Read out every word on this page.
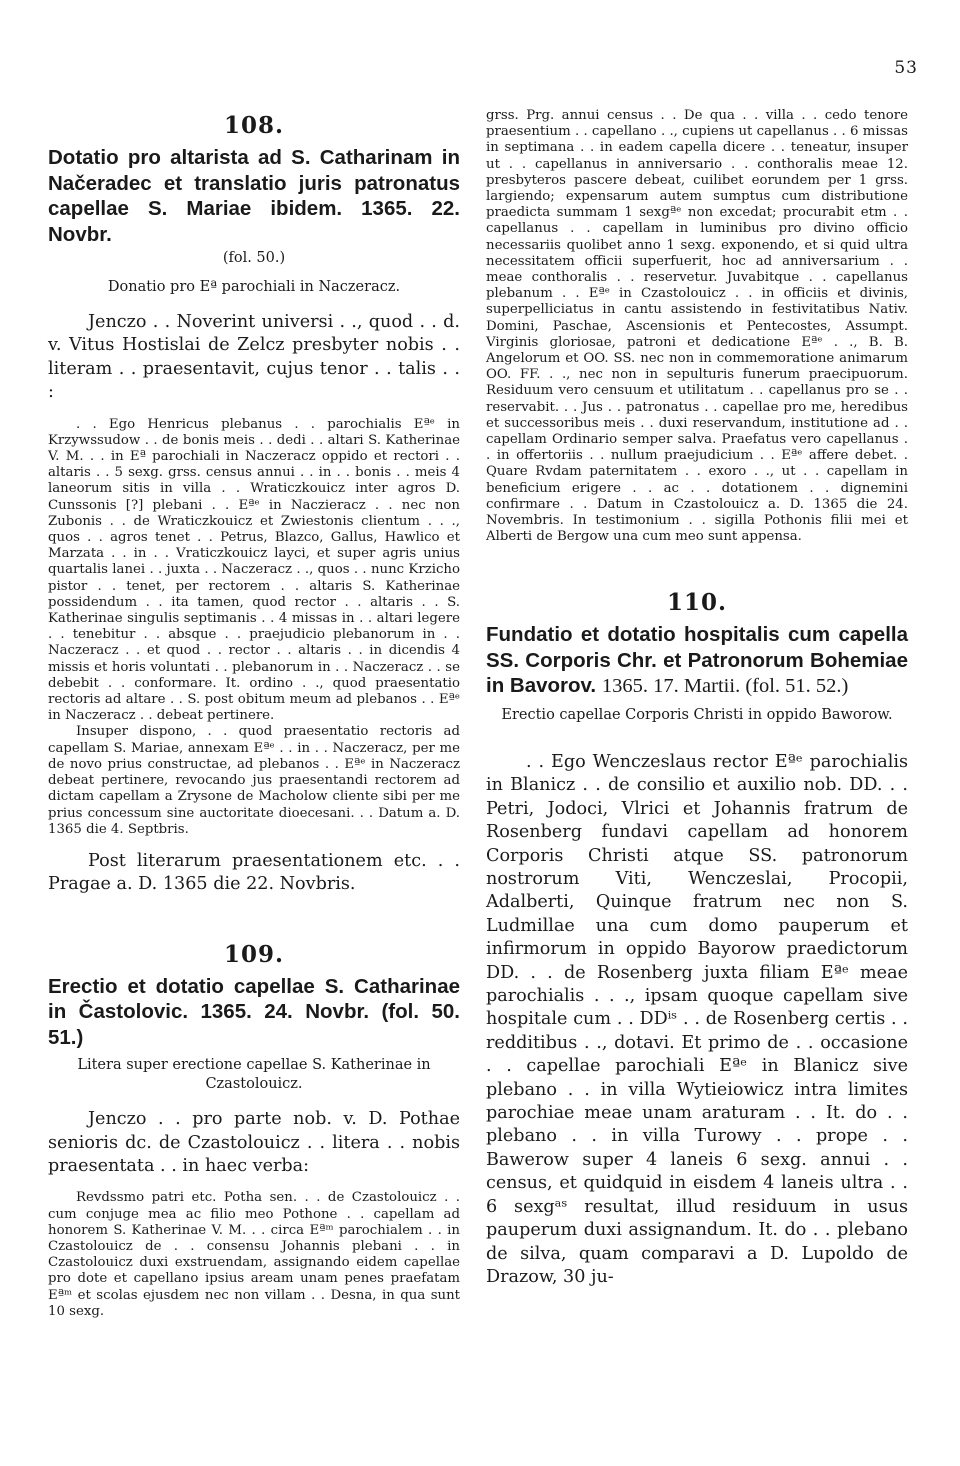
53
108.

Dotatio pro altarista ad S. Catharinam in Načeradec et translatio juris patronatus capellae S. Mariae ibidem. 1365. 22. Novbr.

(fol. 50.)
Donatio pro Eª parochiali in Naczeracz.

Jenczo . . Noverint universi . ., quod . . d. v. Vitus Hostislai de Zelcz presbyter nobis . . literam . . praesentavit, cujus tenor . . talis . . :

. . Ego Henricus plebanus . . parochialis Eªᵉ in Krzywssudow . . de bonis meis . . dedi . . altari S. Katherinae V. M. . . in Eª parochiali in Naczeracz oppido et rectori . . altaris . . 5 sexg. grss. census annui . . in . . bonis . . meis 4 laneorum sitis in villa . . Wraticzkouicz inter agros D. Cunssonis [?] plebani . . Eªᵉ in Naczieracz . . nec non Zubonis . . de Wraticzkouicz et Zwiestonis clientum . . ., quos . . agros tenet . . Petrus, Blazco, Gallus, Hawlico et Marzata . . in . . Vraticzkouicz layci, et super agris unius quartalis lanei . . juxta . . Naczeracz . ., quos . . nunc Krzicho pistor . . tenet, per rectorem . . altaris S. Katherinae possidendum . . ita tamen, quod rector . . altaris . . S. Katherinae singulis septimanis . . 4 missas in . . altari legere . . tenebitur . . absque . . praejudicio plebanorum in . . Naczeracz . . et quod . . rector . . altaris . . in dicendis 4 missis et horis voluntati . . plebanorum in . . Naczeracz . . se debebit . . conformare. It. ordino . ., quod praesentatio rectoris ad altare . . S. post obitum meum ad plebanos . . Eªᵉ in Naczeracz . . debeat pertinere.

Insuper dispono, . . quod praesentatio rectoris ad capellam S. Mariae, annexam Eªᵉ . . in . . Naczeracz, per me de novo prius constructae, ad plebanos . . Eªᵉ in Naczeracz debeat pertinere, revocando jus praesentandi rectorem ad dictam capellam a Zrysone de Macholow cliente sibi per me prius concessum sine auctoritate dioecesani. . . Datum a. D. 1365 die 4. Septbris.

Post literarum praesentationem etc. . . Pragae a. D. 1365 die 22. Novbris.

109.

Erectio et dotatio capellae S. Catharinae in Častolovic. 1365. 24. Novbr. (fol. 50. 51.)

Litera super erectione capellae S. Katherinae in Czastolouicz.

Jenczo . . pro parte nob. v. D. Pothae senioris dc. de Czastolouicz . . litera . . nobis praesentata . . in haec verba:

Revdssmo patri etc. Potha sen. . . de Czastolouicz . . cum conjuge mea ac filio meo Pothone . . capellam ad honorem S. Katherinae V. M. . . circa Eªᵐ parochialem . . in Czastolouicz de . . consensu Johannis plebani . . in Czastolouicz duxi exstruendam, assignando eidem capellae pro dote et capellano ipsius aream unam penes praefatam Eªᵐ et scolas ejusdem nec non villam . . Desna, in qua sunt 10 sexg.

grss. Prg. annui census . . De qua . . villa . . cedo tenore praesentium . . capellano . ., cupiens ut capellanus . . 6 missas in septimana . . in eadem capella dicere . . teneatur, insuper ut . . capellanus in anniversario . . conthoralis meae 12. presbyteros pascere debeat, cuilibet eorundem per 1 grss. largiendo; expensarum autem sumptus cum distributione praedicta summam 1 sexgªᵉ non excedat; procurabit etm . . capellanus . . capellam in luminibus pro divino officio necessariis quolibet anno 1 sexg. exponendo, et si quid ultra necessitatem officii superfuerit, hoc ad anniversarium . . meae conthoralis . . reservetur. Juvabitque . . capellanus plebanum . . Eªᵉ in Czastolouicz . . in officiis et divinis, superpelliciatus in cantu assistendo in festivitatibus Nativ. Domini, Paschae, Ascensionis et Pentecostes, Assumpt. Virginis gloriosae, patroni et dedicatione Eªᵉ . ., B. B. Angelorum et OO. SS. nec non in commemoratione animarum OO. FF. . ., nec non in sepulturis funerum praecipuorum. Residuum vero censuum et utilitatum . . capellanus pro se . . reservabit. . . Jus . . patronatus . . capellae pro me, heredibus et successoribus meis . . duxi reservandum, institutione ad . . capellam Ordinario semper salva. Praefatus vero capellanus . . in offertoriis . . nullum praejudicium . . Eªᵉ affere debet. . Quare Rvdam paternitatem . . exoro . ., ut . . capellam in beneficium erigere . . ac . . dotationem . . dignemini confirmare . . Datum in Czastolouicz a. D. 1365 die 24. Novembris. In testimonium . . sigilla Pothonis filii mei et Alberti de Bergow una cum meo sunt appensa.

110.

Fundatio et dotatio hospitalis cum capella SS. Corporis Chr. et Patronorum Bohemiae in Bavorov. 1365. 17. Martii. (fol. 51. 52.)

Erectio capellae Corporis Christi in oppido Baworow.

. . Ego Wenczeslaus rector Eªᵉ parochialis in Blanicz . . de consilio et auxilio nob. DD. . . Petri, Jodoci, Vlrici et Johannis fratrum de Rosenberg fundavi capellam ad honorem Corporis Christi atque SS. patronorum nostrorum Viti, Wenczeslai, Procopii, Adalberti, Quinque fratrum nec non S. Ludmillae una cum domo pauperum et infirmorum in oppido Bayorow praedictorum DD. . . de Rosenberg juxta filiam Eªᵉ meae parochialis . . ., ipsam quoque capellam sive hospitale cum . . DDⁱˢ . . de Rosenberg certis . . redditibus . ., dotavi. Et primo de . . occasione . . capellae parochiali Eªᵉ in Blanicz sive plebano . . in villa Wytieiowicz intra limites parochiae meae unam araturam . . It. do . . plebano . . in villa Turowy . . prope . . Bawerow super 4 laneis 6 sexg. annui . . census, et quidquid in eisdem 4 laneis ultra . . 6 sexgᵃˢ resultat, illud residuum in usus pauperum duxi assignandum. It. do . . plebano de silva, quam comparavi a D. Lupoldo de Drazow, 30 ju-
